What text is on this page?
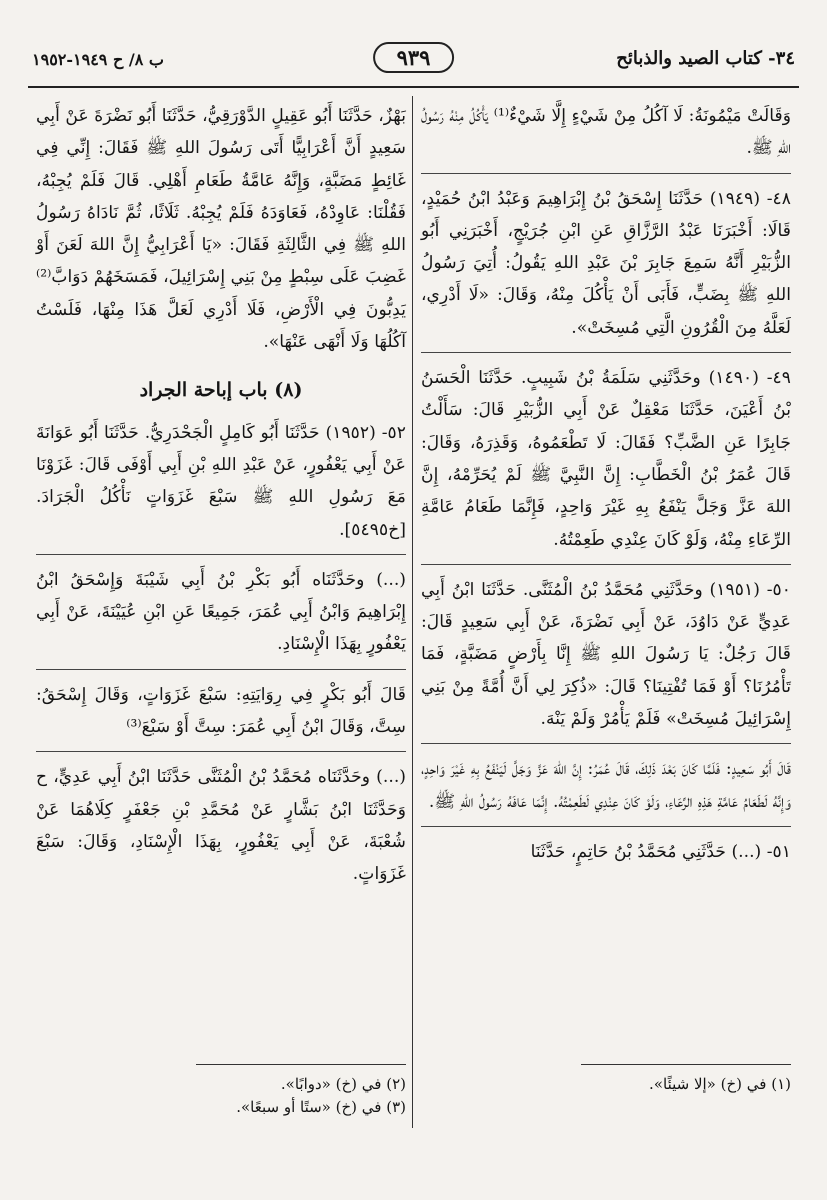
٣٤- كتاب الصيد والذبائح
٩٣٩
ب ٨/ ح ١٩٤٩-١٩٥٢

وَقَالَتْ مَيْمُونَةُ: لَا آكُلُ مِنْ شَيْءٍ إِلَّا شَيْءٌ⁽¹⁾ يَأْكُلُ مِنْهُ رَسُولُ اللهِ ﷺ.

٤٨- (١٩٤٩) حَدَّثَنَا إِسْحَقُ بْنُ إِبْرَاهِيمَ وَعَبْدُ ابْنُ حُمَيْدٍ، قَالَا: أَخْبَرَنَا عَبْدُ الرَّزَّاقِ عَنِ ابْنِ جُرَيْجٍ، أَخْبَرَنِي أَبُو الزُّبَيْرِ أَنَّهُ سَمِعَ جَابِرَ بْنَ عَبْدِ اللهِ يَقُولُ: أُتِيَ رَسُولُ اللهِ ﷺ بِضَبٍّ، فَأَبَى أَنْ يَأْكُلَ مِنْهُ، وَقَالَ: «لَا أَدْرِي، لَعَلَّهُ مِنَ الْقُرُونِ الَّتِي مُسِخَتْ».

٤٩- (١٤٩٠) وحَدَّثَنِي سَلَمَةُ بْنُ شَبِيبٍ. حَدَّثَنَا الْحَسَنُ بْنُ أَعْيَنَ، حَدَّثَنَا مَعْقِلٌ عَنْ أَبِي الزُّبَيْرِ قَالَ: سَأَلْتُ جَابِرًا عَنِ الضَّبِّ؟ فَقَالَ: لَا تَطْعَمُوهُ، وَقَذِرَهُ، وَقَالَ: قَالَ عُمَرُ بْنُ الْخَطَّابِ: إِنَّ النَّبِيَّ ﷺ لَمْ يُحَرِّمْهُ، إِنَّ اللهَ عَزَّ وَجَلَّ يَنْفَعُ بِهِ غَيْرَ وَاحِدٍ، فَإِنَّمَا طَعَامُ عَامَّةِ الرِّعَاءِ مِنْهُ، وَلَوْ كَانَ عِنْدِي طَعِمْتُهُ.

٥٠- (١٩٥١) وحَدَّثَنِي مُحَمَّدُ بْنُ الْمُثَنَّى. حَدَّثَنَا ابْنُ أَبِي عَدِيٍّ عَنْ دَاوُدَ، عَنْ أَبِي نَضْرَةَ، عَنْ أَبِي سَعِيدٍ قَالَ: قَالَ رَجُلٌ: يَا رَسُولَ اللهِ ﷺ إِنَّا بِأَرْضٍ مَضَبَّةٍ، فَمَا تَأْمُرُنَا؟ أَوْ فَمَا تُفْتِينَا؟ قَالَ: «ذُكِرَ لِي أَنَّ أُمَّةً مِنْ بَنِي إِسْرَائِيلَ مُسِخَتْ» فَلَمْ يَأْمُرْ وَلَمْ يَنْهَ.

قَالَ أَبُو سَعِيدٍ: فَلَمَّا كَانَ بَعْدَ ذَلِكَ، قَالَ عُمَرُ: إِنَّ اللهَ عَزَّ وَجَلَّ لَيَنْفَعُ بِهِ غَيْرَ وَاحِدٍ، وَإِنَّهُ لَطَعَامُ عَامَّةِ هَذِهِ الرِّعَاءِ، وَلَوْ كَانَ عِنْدِي لَطَعِمْتُهُ. إِنَّمَا عَافَهُ رَسُولُ اللهِ ﷺ.

٥١- (...) حَدَّثَنِي مُحَمَّدُ بْنُ حَاتِمٍ، حَدَّثَنَا

بَهْزٌ، حَدَّثَنَا أَبُو عَقِيلٍ الدَّوْرَقِيُّ، حَدَّثَنَا أَبُو نَضْرَةَ عَنْ أَبِي سَعِيدٍ أَنَّ أَعْرَابِيًّا أَتَى رَسُولَ اللهِ ﷺ فَقَالَ: إِنِّي فِي غَائِطٍ مَضَبَّةٍ، وَإِنَّهُ عَامَّةُ طَعَامِ أَهْلِي. قَالَ فَلَمْ يُجِبْهُ، فَقُلْنَا: عَاوِدْهُ، فَعَاوَدَهُ فَلَمْ يُجِبْهُ. ثَلَاثًا، ثُمَّ نَادَاهُ رَسُولُ اللهِ ﷺ فِي الثَّالِثَةِ فَقَالَ: «يَا أَعْرَابِيُّ إِنَّ اللهَ لَعَنَ أَوْ غَضِبَ عَلَى سِبْطٍ مِنْ بَنِي إِسْرَائِيلَ، فَمَسَخَهُمْ دَوَابَّ⁽²⁾ يَدِبُّونَ فِي الْأَرْضِ، فَلَا أَدْرِي لَعَلَّ هَذَا مِنْهَا، فَلَسْتُ آكُلُهَا وَلَا أَنْهَى عَنْهَا».

(٨) باب إباحة الجراد

٥٢- (١٩٥٢) حَدَّثَنَا أَبُو كَامِلٍ الْجَحْدَرِيُّ. حَدَّثَنَا أَبُو عَوَانَةَ عَنْ أَبِي يَعْفُورٍ، عَنْ عَبْدِ اللهِ بْنِ أَبِي أَوْفَى قَالَ: غَزَوْنَا مَعَ رَسُولِ اللهِ ﷺ سَبْعَ غَزَوَاتٍ نَأْكُلُ الْجَرَادَ. [خ٥٤٩٥].

(...) وحَدَّثَنَاه أَبُو بَكْرِ بْنُ أَبِي شَيْبَةَ وَإِسْحَقُ ابْنُ إِبْرَاهِيمَ وَابْنُ أَبِي عُمَرَ، جَمِيعًا عَنِ ابْنِ عُيَيْنَةَ، عَنْ أَبِي يَعْفُورٍ بِهَذَا الْإِسْنَادِ.

قَالَ أَبُو بَكْرٍ فِي رِوَايَتِهِ: سَبْعَ غَزَوَاتٍ، وَقَالَ إِسْحَقُ: سِتَّ، وَقَالَ ابْنُ أَبِي عُمَرَ: سِتَّ أَوْ سَبْعَ⁽³⁾

(...) وحَدَّثَنَاه مُحَمَّدُ بْنُ الْمُثَنَّى حَدَّثَنَا ابْنُ أَبِي عَدِيٍّ، ح وَحَدَّثَنَا ابْنُ بَشَّارٍ عَنْ مُحَمَّدِ بْنِ جَعْفَرٍ كِلَاهُمَا عَنْ شُعْبَةَ، عَنْ أَبِي يَعْفُورٍ، بِهَذَا الْإِسْنَادِ، وَقَالَ: سَبْعَ غَزَوَاتٍ.

(١) في (خ) «إلا شيئًا».
(٢) في (خ) «دوابًا».
(٣) في (خ) «ستًا أو سبعًا».
